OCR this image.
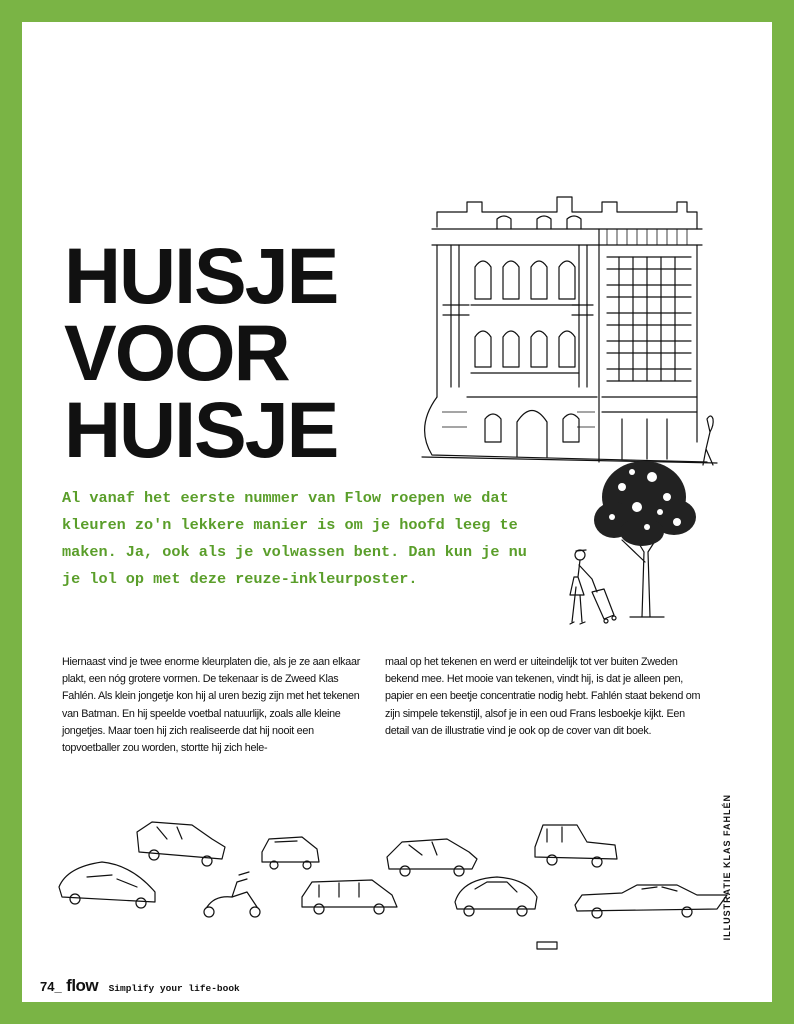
HUISJE
VOOR
HUISJE

Al vanaf het eerste nummer van Flow roepen we dat kleuren zo'n lekkere manier is om je hoofd leeg te maken. Ja, ook als je volwassen bent. Dan kun je nu je lol op met deze reuze-inkleurposter.

Hiernaast vind je twee enorme kleurplaten die, als je ze aan elkaar plakt, een nóg grotere vormen. De tekenaar is de Zweed Klas Fahlén. Als klein jongetje kon hij al uren bezig zijn met het tekenen van Batman. En hij speelde voetbal natuurlijk, zoals alle kleine jongetjes. Maar toen hij zich realiseerde dat hij nooit een topvoetballer zou worden, stortte hij zich hele-

maal op het tekenen en werd er uiteindelijk tot ver buiten Zweden bekend mee. Het mooie van tekenen, vindt hij, is dat je alleen pen, papier en een beetje concentratie nodig hebt. Fahlén staat bekend om zijn simpele tekenstijl, alsof je in een oud Frans lesboekje kijkt. Een detail van de illustratie vind je ook op de cover van dit boek.

ILLUSTRATIE KLAS FAHLÉN
74_ flow Simplify your life-book
